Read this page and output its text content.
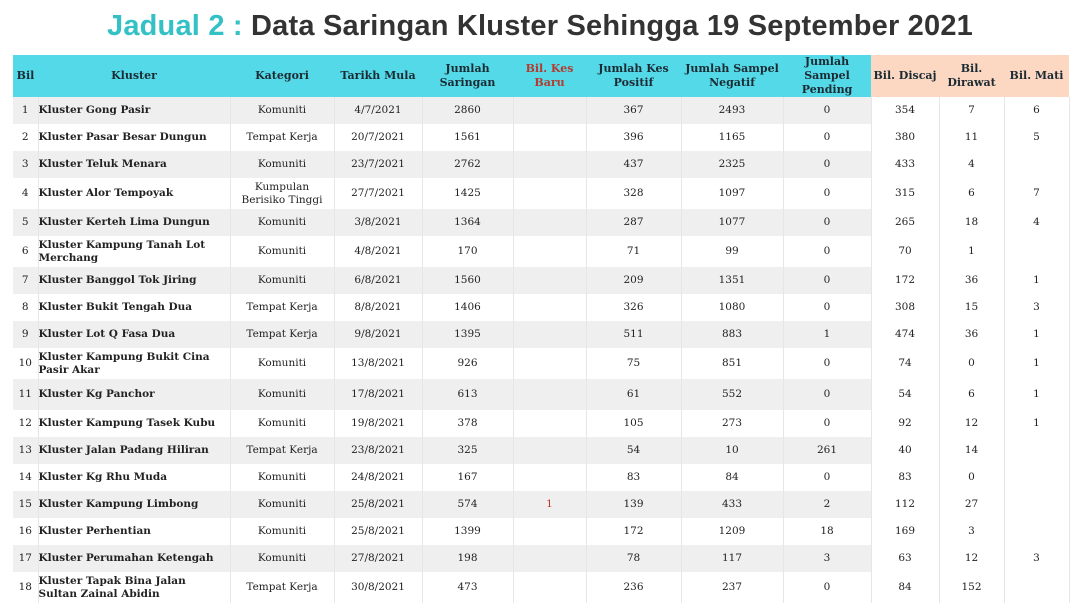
Jadual 2 : Data Saringan Kluster Sehingga 19 September 2021
Bil	Kluster	Kategori	Tarikh Mula	Jumlah Saringan	Bil. Kes Baru	Jumlah Kes Positif	Jumlah Sampel Negatif	Jumlah Sampel Pending	Bil. Discaj	Bil. Dirawat	Bil. Mati
1	Kluster Gong Pasir	Komuniti	4/7/2021	2860		367	2493	0	354	7	6
2	Kluster Pasar Besar Dungun	Tempat Kerja	20/7/2021	1561		396	1165	0	380	11	5
3	Kluster Teluk Menara	Komuniti	23/7/2021	2762		437	2325	0	433	4	
4	Kluster Alor Tempoyak	Kumpulan Berisiko Tinggi	27/7/2021	1425		328	1097	0	315	6	7
5	Kluster Kerteh Lima Dungun	Komuniti	3/8/2021	1364		287	1077	0	265	18	4
6	Kluster Kampung Tanah Lot Merchang	Komuniti	4/8/2021	170		71	99	0	70	1	
7	Kluster Banggol Tok Jiring	Komuniti	6/8/2021	1560		209	1351	0	172	36	1
8	Kluster Bukit Tengah Dua	Tempat Kerja	8/8/2021	1406		326	1080	0	308	15	3
9	Kluster Lot Q Fasa Dua	Tempat Kerja	9/8/2021	1395		511	883	1	474	36	1
10	Kluster Kampung Bukit Cina Pasir Akar	Komuniti	13/8/2021	926		75	851	0	74	0	1
11	Kluster Kg Panchor	Komuniti	17/8/2021	613		61	552	0	54	6	1
12	Kluster Kampung Tasek Kubu	Komuniti	19/8/2021	378		105	273	0	92	12	1
13	Kluster Jalan Padang Hiliran	Tempat Kerja	23/8/2021	325		54	10	261	40	14	
14	Kluster Kg Rhu Muda	Komuniti	24/8/2021	167		83	84	0	83	0	
15	Kluster Kampung Limbong	Komuniti	25/8/2021	574	1	139	433	2	112	27	
16	Kluster Perhentian	Komuniti	25/8/2021	1399		172	1209	18	169	3	
17	Kluster Perumahan Ketengah	Komuniti	27/8/2021	198		78	117	3	63	12	3
18	Kluster Tapak Bina Jalan Sultan Zainal Abidin	Tempat Kerja	30/8/2021	473		236	237	0	84	152	
